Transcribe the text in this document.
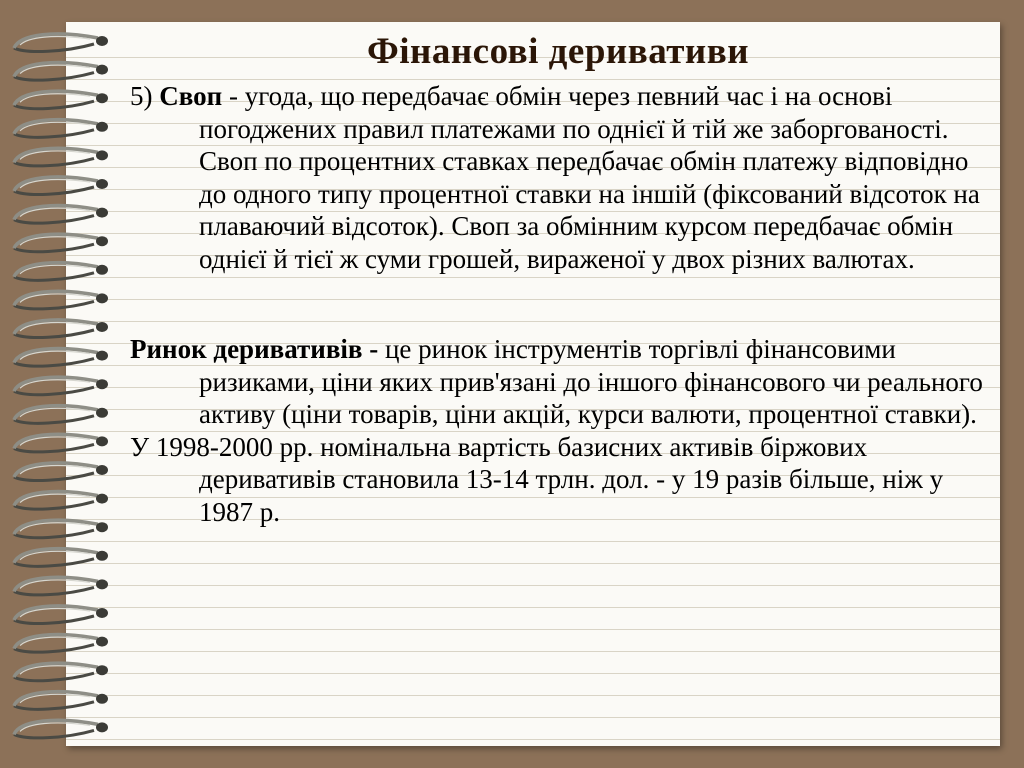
Фінансові деривативи

5) Своп - угода, що передбачає обмін через певний час і на основі погоджених правил платежами по однієї й тій же заборгованості. Своп по процентних ставках передбачає обмін платежу відповідно до одного типу процентної ставки на іншій (фіксований відсоток на плаваючий відсоток). Своп за обмінним курсом передбачає обмін однієї й тієї ж суми грошей, вираженої у двох різних валютах.

Ринок деривативів - це ринок інструментів торгівлі фінансовими ризиками, ціни яких прив'язані до іншого фінансового чи реального активу (ціни товарів, ціни акцій, курси валюти, процентної ставки).

У 1998-2000 рр. номінальна вартість базисних активів біржових деривативів становила 13-14 трлн. дол. - у 19 разів більше, ніж у 1987 р.
